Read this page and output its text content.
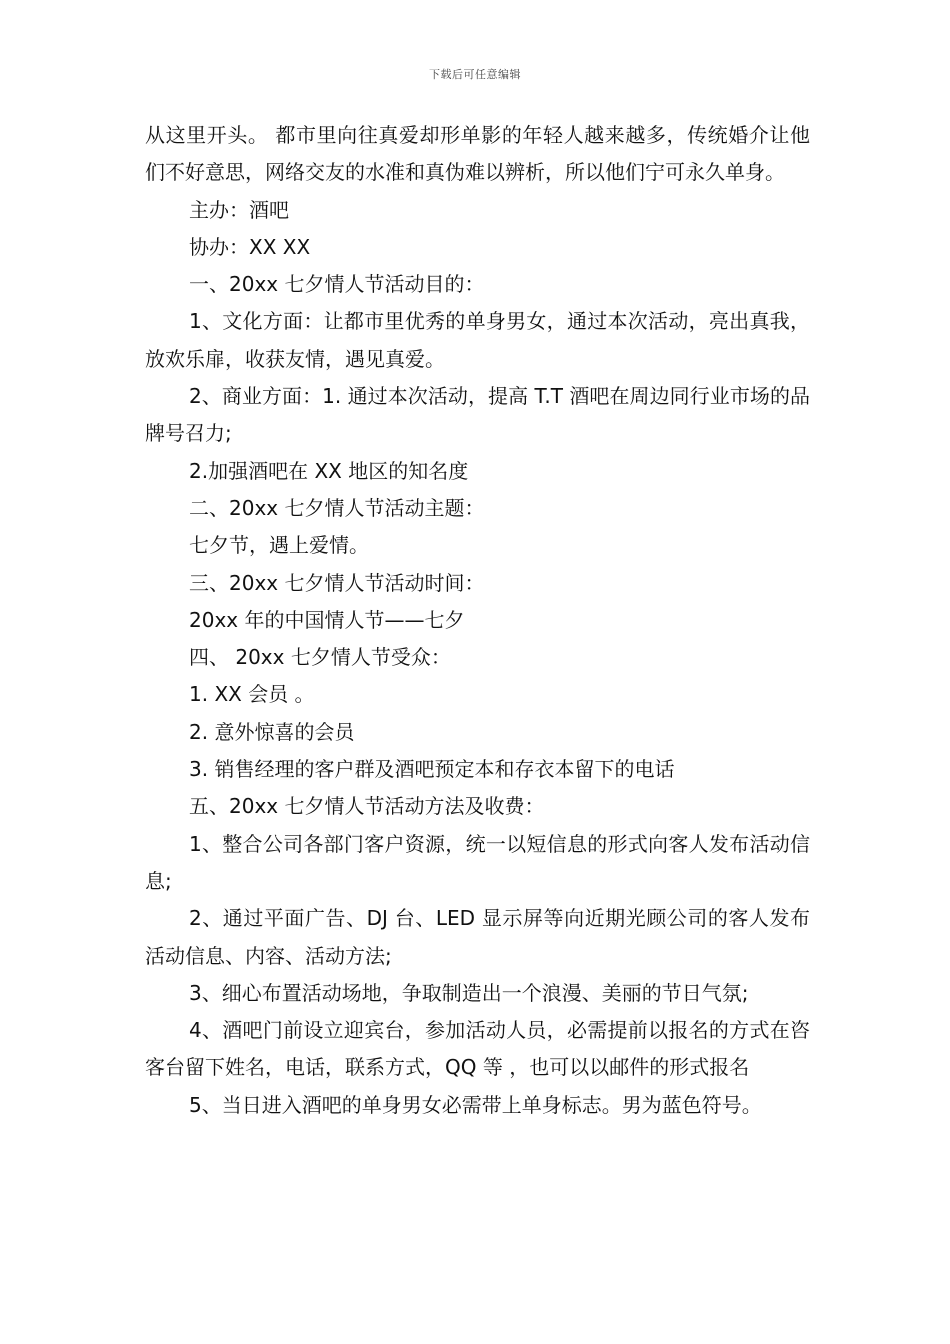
下载后可任意编辑

从这里开头。 都市里向往真爱却形单影的年轻人越来越多，传统婚介让他们不好意思，网络交友的水准和真伪难以辨析，所以他们宁可永久单身。

主办：酒吧

协办：XX XX

一、20xx 七夕情人节活动目的：

1、文化方面：让都市里优秀的单身男女，通过本次活动，亮出真我，放欢乐扉，收获友情，遇见真爱。

2、商业方面：1. 通过本次活动，提高 T.T 酒吧在周边同行业市场的品牌号召力;

2.加强酒吧在 XX 地区的知名度

二、20xx 七夕情人节活动主题：

七夕节，遇上爱情。

三、20xx 七夕情人节活动时间：

20xx 年的中国情人节——七夕

四、 20xx 七夕情人节受众：

1. XX 会员 。

2. 意外惊喜的会员

3. 销售经理的客户群及酒吧预定本和存衣本留下的电话

五、20xx 七夕情人节活动方法及收费：

1、整合公司各部门客户资源，统一以短信息的形式向客人发布活动信息;

2、通过平面广告、DJ 台、LED 显示屏等向近期光顾公司的客人发布活动信息、内容、活动方法;

3、细心布置活动场地，争取制造出一个浪漫、美丽的节日气氛;

4、酒吧门前设立迎宾台，参加活动人员，必需提前以报名的方式在咨客台留下姓名，电话，联系方式，QQ 等 ，也可以以邮件的形式报名

5、当日进入酒吧的单身男女必需带上单身标志。男为蓝色符号。
